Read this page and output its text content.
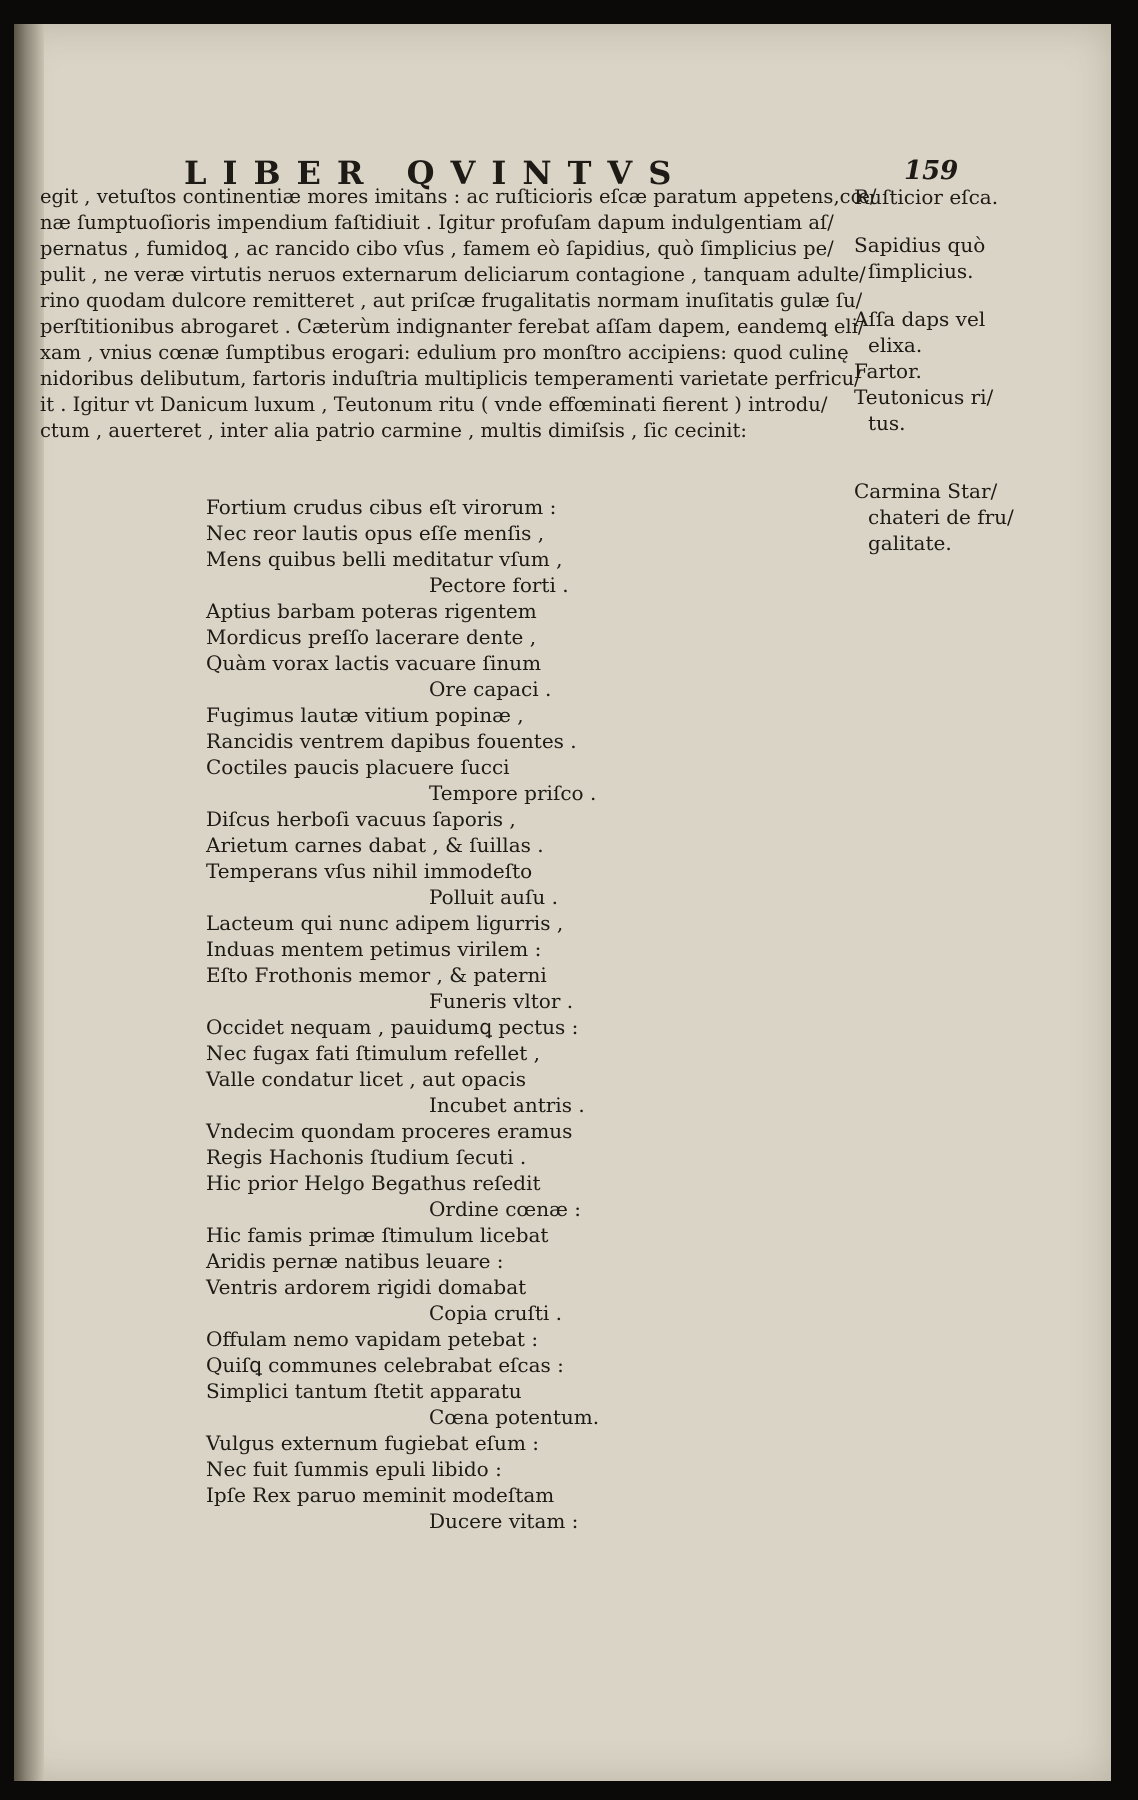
LIBER QVINTVS	159
egit , vetuſtos continentiæ mores imitans : ac ruſticioris eſcæ paratum appetens,cœ/
næ ſumptuoſioris impendium faſtidiuit . Igitur profuſam dapum indulgentiam aſ/
pernatus , fumidoꝗ , ac rancido cibo vſus , famem eò ſapidius, quò ſimplicius pe/
pulit , ne veræ virtutis neruos externarum deliciarum contagione , tanquam adulte/
rino quodam dulcore remitteret , aut priſcæ frugalitatis normam inuſitatis gulæ ſu/
perſtitionibus abrogaret . Cæterùm indignanter ferebat aſſam dapem, eandemꝗ eli/
xam , vnius cœnæ ſumptibus erogari: edulium pro monſtro accipiens: quod culinę
nidoribus delibutum, fartoris induſtria multiplicis temperamenti varietate perfricu/
it . Igitur vt Danicum luxum , Teutonum ritu ( vnde effœminati fierent ) introdu/
ctum , auerteret , inter alia patrio carmine , multis dimiſsis , ſic cecinit:
Ruſticior eſca.
Sapidius quò
ſimplicius.
Aſſa daps vel
elixa.
Fartor.
Teutonicus ri/
tus.
Carmina Star/
chateri de fru/
galitate.
Fortium crudus cibus eſt virorum :
Nec reor lautis opus eſſe menſis ,
Mens quibus belli meditatur vſum ,
Pectore forti .
Aptius barbam poteras rigentem
Mordicus preſſo lacerare dente ,
Quàm vorax lactis vacuare ſinum
Ore capaci .
Fugimus lautæ vitium popinæ ,
Rancidis ventrem dapibus fouentes .
Coctiles paucis placuere ſucci
Tempore priſco .
Diſcus herboſi vacuus ſaporis ,
Arietum carnes dabat , & ſuillas .
Temperans vſus nihil immodeſto
Polluit auſu .
Lacteum qui nunc adipem ligurris ,
Induas mentem petimus virilem :
Eſto Frothonis memor , & paterni
Funeris vltor .
Occidet nequam , pauidumꝗ pectus :
Nec fugax fati ſtimulum refellet ,
Valle condatur licet , aut opacis
Incubet antris .
Vndecim quondam proceres eramus
Regis Hachonis ſtudium ſecuti .
Hic prior Helgo Begathus reſedit
Ordine cœnæ :
Hic famis primæ ſtimulum licebat
Aridis pernæ natibus leuare :
Ventris ardorem rigidi domabat
Copia cruſti .
Offulam nemo vapidam petebat :
Quiſꝗ communes celebrabat eſcas :
Simplici tantum ſtetit apparatu
Cœna potentum.
Vulgus externum fugiebat eſum :
Nec fuit ſummis epuli libido :
Ipſe Rex paruo meminit modeſtam
Ducere vitam :
